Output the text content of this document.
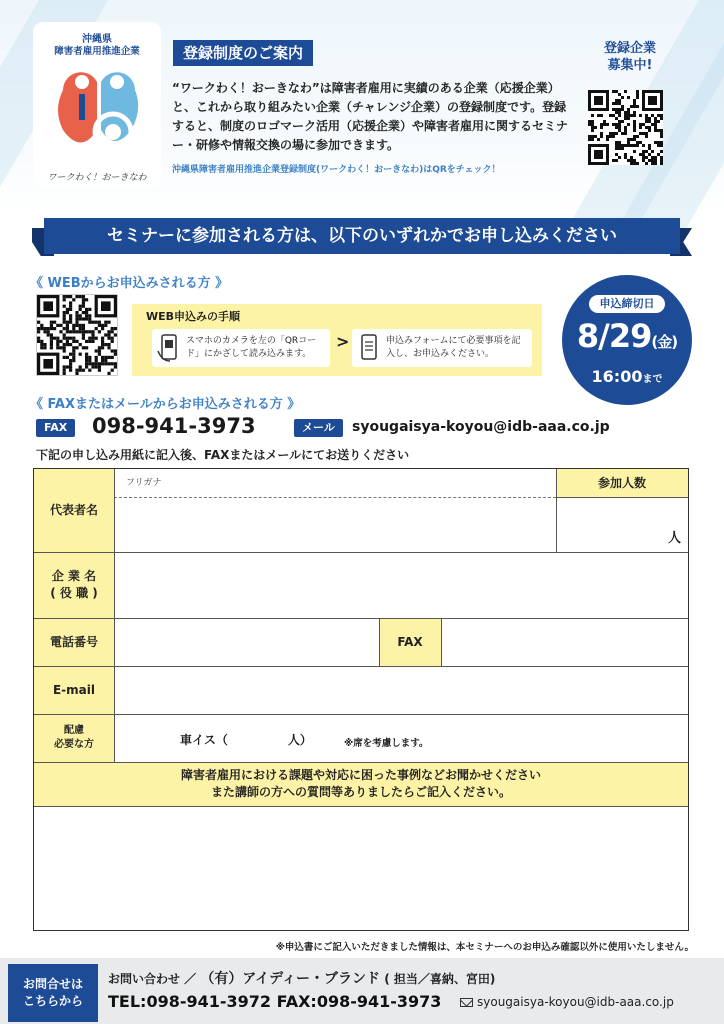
沖縄県
障害者雇用推進企業
ワークわく！おーきなわ
登録制度のご案内
“ワークわく！おーきなわ”は障害者雇用に実績のある企業（応援企業）と、これから取り組みたい企業（チャレンジ企業）の登録制度です。登録すると、制度のロゴマーク活用（応援企業）や障害者雇用に関するセミナー・研修や情報交換の場に参加できます。
沖縄県障害者雇用推進企業登録制度(ワークわく！おーきなわ)はQRをチェック！
登録企業
募集中!
セミナーに参加される方は、以下のいずれかでお申し込みください
《 WEBからお申込みされる方 》
WEB申込みの手順
スマホのカメラを左の「QRコード」にかざして読み込みます。
>	申込みフォームにて必要事項を記入し、お申込みください。
申込締切日
8/29(金)
16:00まで
《 FAXまたはメールからお申込みされる方 》
FAX	098-941-3973	メール	syougaisya-koyou@idb-aaa.co.jp
下記の申し込み用紙に記入後、FAXまたはメールにてお送りください
代表者名
フリガナ	参加人数
人
企 業 名
( 役 職 )
電話番号	FAX
E-mail
配慮
必要な方	車イス（　　　　　人）	※席を考慮します。
障害者雇用における課題や対応に困った事例などお聞かせください
また講師の方への質問等ありましたらご記入ください。
※申込書にご記入いただきました情報は、本セミナーへのお申込み確認以外に使用いたしません。
お問合せは
こちらから
お問い合わせ ／ （有）アイディー・ブランド ( 担当／喜納、宮田)
TEL:098-941-3972 FAX:098-941-3973	syougaisya-koyou@idb-aaa.co.jp
